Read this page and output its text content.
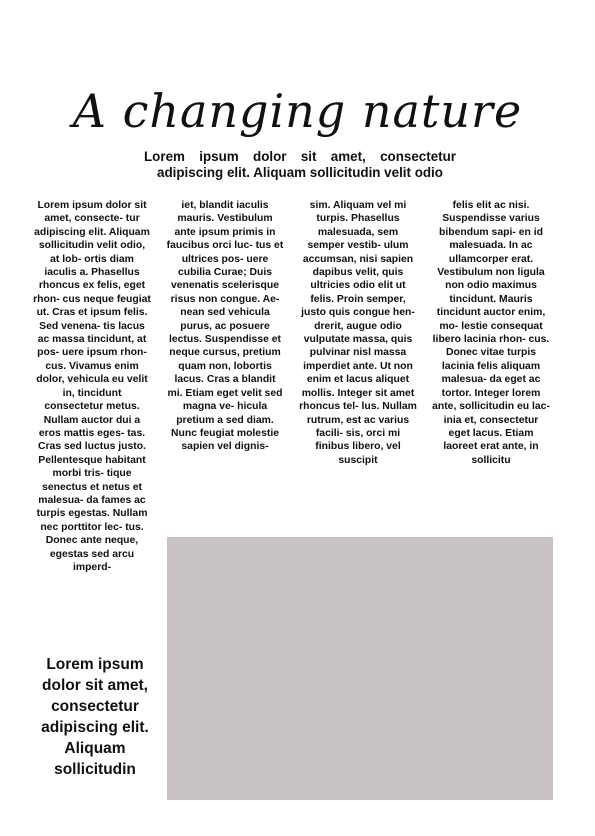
A changing nature

Lorem ipsum dolor sit amet, consectetur adipiscing elit. Aliquam sollicitudin velit odio

Lorem ipsum dolor sit amet, consecte- tur adipiscing elit. Aliquam sollicitudin velit odio, at lob- ortis diam iaculis a. Phasellus rhoncus ex felis, eget rhon- cus neque feugiat ut. Cras et ipsum felis. Sed venena- tis lacus ac massa tincidunt, at pos- uere ipsum rhon- cus. Vivamus enim dolor, vehicula eu velit in, tincidunt consectetur metus. Nullam auctor dui a eros mattis eges- tas. Cras sed luctus justo. Pellentesque habitant morbi tris- tique senectus et netus et malesua- da fames ac turpis egestas. Nullam nec porttitor lec- tus. Donec ante neque, egestas sed arcu imperd-

iet, blandit iaculis mauris. Vestibulum ante ipsum primis in faucibus orci luc- tus et ultrices pos- uere cubilia Curae; Duis venenatis scelerisque risus non congue. Ae- nean sed vehicula purus, ac posuere lectus. Suspendisse et neque cursus, pretium quam non, lobortis lacus. Cras a blandit mi. Etiam eget velit sed magna ve- hicula pretium a sed diam. Nunc feugiat molestie sapien vel dignis-

sim. Aliquam vel mi turpis. Phasellus malesuada, sem semper vestib- ulum accumsan, nisi sapien dapibus velit, quis ultricies odio elit ut felis. Proin semper, justo quis congue hen- drerit, augue odio vulputate massa, quis pulvinar nisl massa imperdiet ante. Ut non enim et lacus aliquet mollis. Integer sit amet rhoncus tel- lus. Nullam rutrum, est ac varius facili- sis, orci mi finibus libero, vel suscipit

felis elit ac nisi. Suspendisse varius bibendum sapi- en id malesuada. In ac ullamcorper erat. Vestibulum non ligula non odio maximus tincidunt. Mauris tincidunt auctor enim, mo- lestie consequat libero lacinia rhon- cus. Donec vitae turpis lacinia felis aliquam malesua- da eget ac tortor. Integer lorem ante, sollicitudin eu lac- inia et, consectetur eget lacus. Etiam laoreet erat ante, in sollicitu

Lorem ipsum dolor sit amet, consectetur adipiscing elit. Aliquam sollicitudin
